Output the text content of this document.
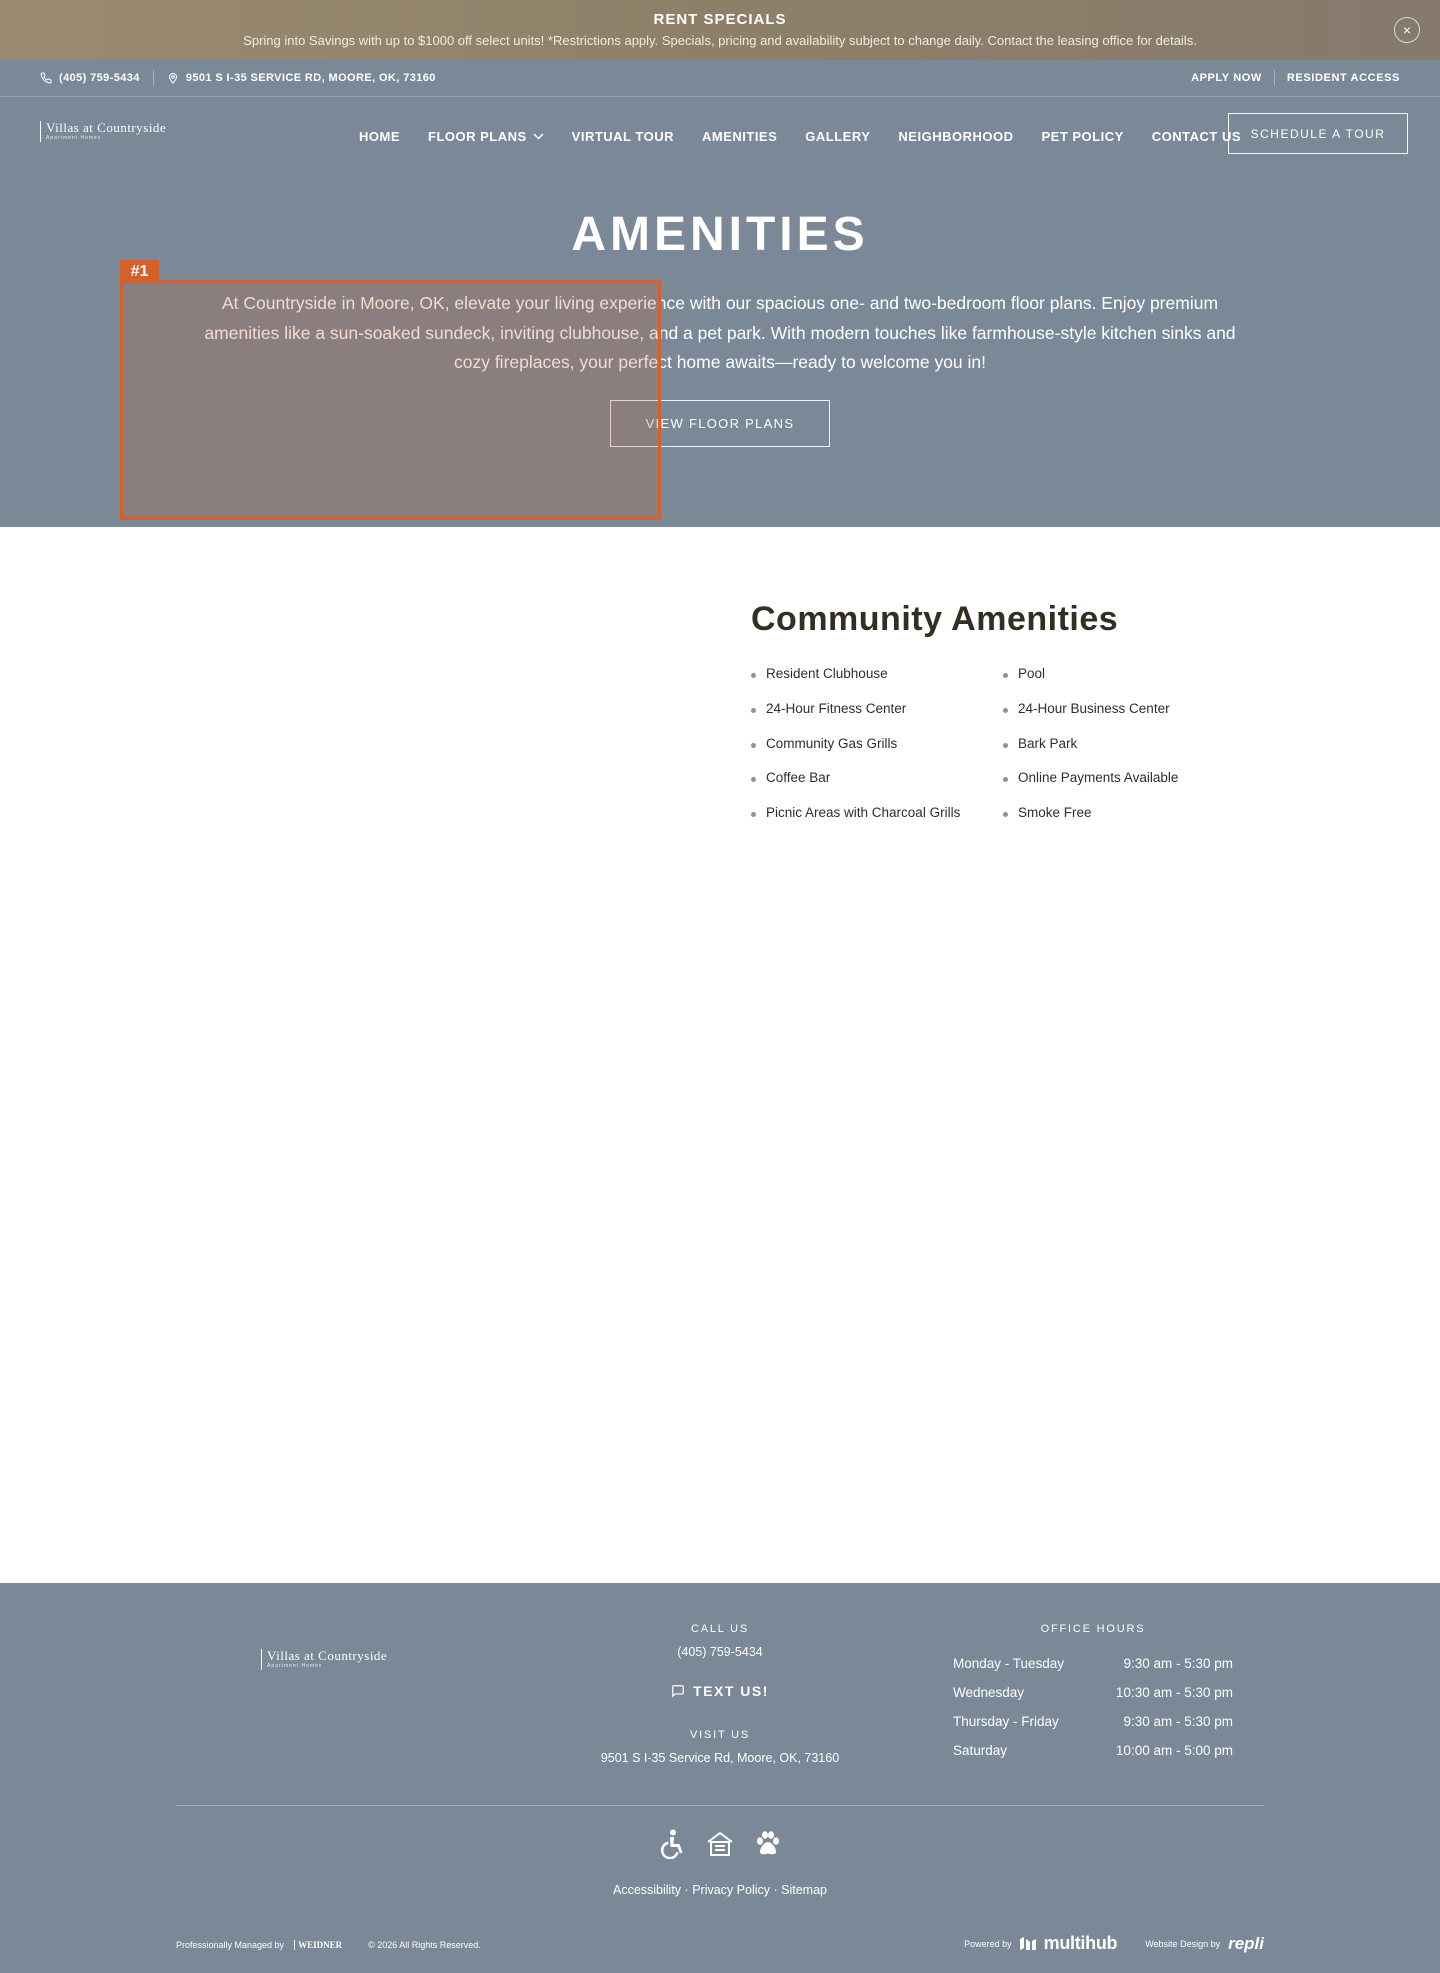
RENT SPECIALS
Spring into Savings with up to $1000 off select units! *Restrictions apply. Specials, pricing and availability subject to change daily. Contact the leasing office for details.
×
(405) 759-5434	9501 S I-35 SERVICE RD, MOORE, OK, 73160	APPLY NOW RESIDENT ACCESS
Villas at Countryside
Apartment Homes	HOME FLOOR PLANS	VIRTUAL TOUR AMENITIES GALLERY NEIGHBORHOOD PET POLICY CONTACT US SCHEDULE A TOUR
AMENITIES
At Countryside in Moore, OK, elevate your living experience with our spacious one- and two-bedroom floor plans. Enjoy premium amenities like a sun-soaked sundeck, inviting clubhouse, and a pet park. With modern touches like farmhouse-style kitchen sinks and cozy fireplaces, your perfect home awaits—ready to welcome you in!
VIEW FLOOR PLANS
#1
Community Amenities
Resident Clubhouse
24-Hour Fitness Center
Community Gas Grills
Coffee Bar
Picnic Areas with Charcoal Grills
Pool
24-Hour Business Center
Bark Park
Online Payments Available
Smoke Free
Villas at Countryside
Apartment Homes
CALL US
(405) 759-5434
TEXT US!
VISIT US
9501 S I-35 Service Rd, Moore, OK, 73160
OFFICE HOURS
Monday - Tuesday	9:30 am - 5:30 pm
Wednesday	10:30 am - 5:30 pm
Thursday - Friday	9:30 am - 5:30 pm
Saturday	10:00 am - 5:00 pm
Accessibility · Privacy Policy · Sitemap
Professionally Managed by	WEIDNER	© 2026 All Rights Reserved.	Powered by multihub	Website Design by repli
